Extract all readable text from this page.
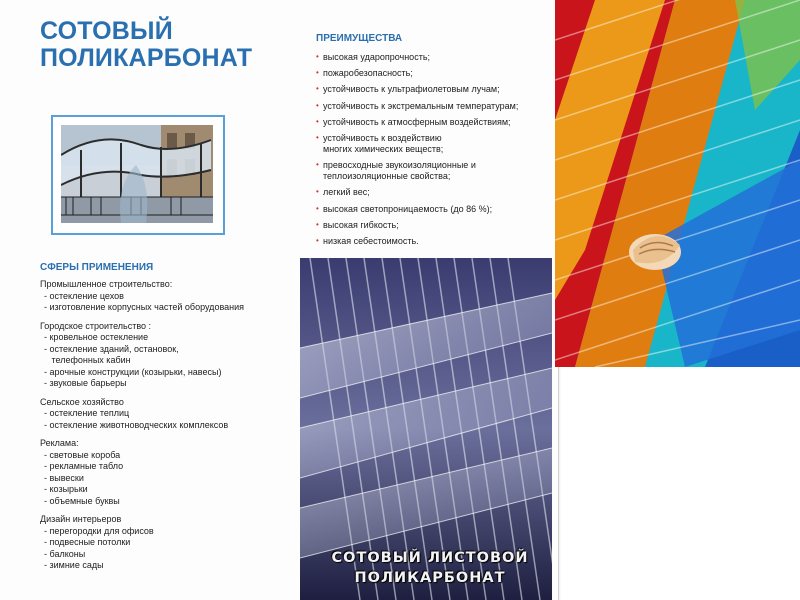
СОТОВЫЙ
ПОЛИКАРБОНАТ
ПРЕИМУЩЕСТВА
• высокая ударопрочность;
• пожаробезопасность;
• устойчивость к ультрафиолетовым лучам;
• устойчивость к экстремальным температурам;
• устойчивость к атмосферным воздействиям;
• устойчивость к воздействию
многих химических веществ;
• превосходные звукоизоляционные и
теплоизоляционные свойства;
• легкий вес;
• высокая светопроницаемость (до 86 %);
• высокая гибкость;
• низкая себестоимость.
СФЕРЫ ПРИМЕНЕНИЯ
Промышленное строительство:
- остекление цехов
- изготовление корпусных частей оборудования
Городское строительство :
- кровельное остекление
- остекление зданий, остановок,
телефонных кабин
- арочные конструкции (козырьки, навесы)
- звуковые барьеры
Сельское хозяйство
- остекление теплиц
- остекление животноводческих комплексов
Реклама:
- световые короба
- рекламные табло
- вывески
- козырьки
- объемные буквы
Дизайн интерьеров
- перегородки для офисов
- подвесные потолки
- балконы
- зимние сады	СОТОВЫЙ ЛИСТОВОЙ
ПОЛИКАРБОНАТ
